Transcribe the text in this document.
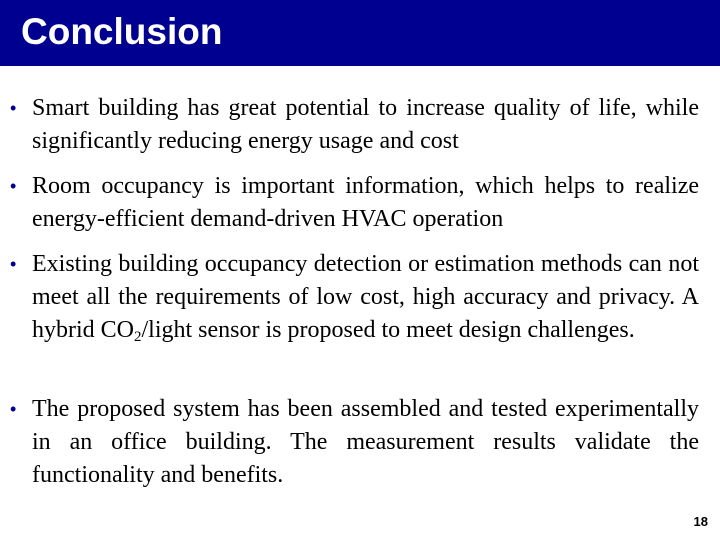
Conclusion
• Smart building has great potential to increase quality of life, while significantly reducing energy usage and cost
• Room occupancy is important information, which helps to realize energy-efficient demand-driven HVAC operation
• Existing building occupancy detection or estimation methods can not meet all the requirements of low cost, high accuracy and privacy. A hybrid $CO_2$/light sensor is proposed to meet design challenges.
• The proposed system has been assembled and tested experimentally in an office building. The measurement results validate the functionality and benefits.
18
